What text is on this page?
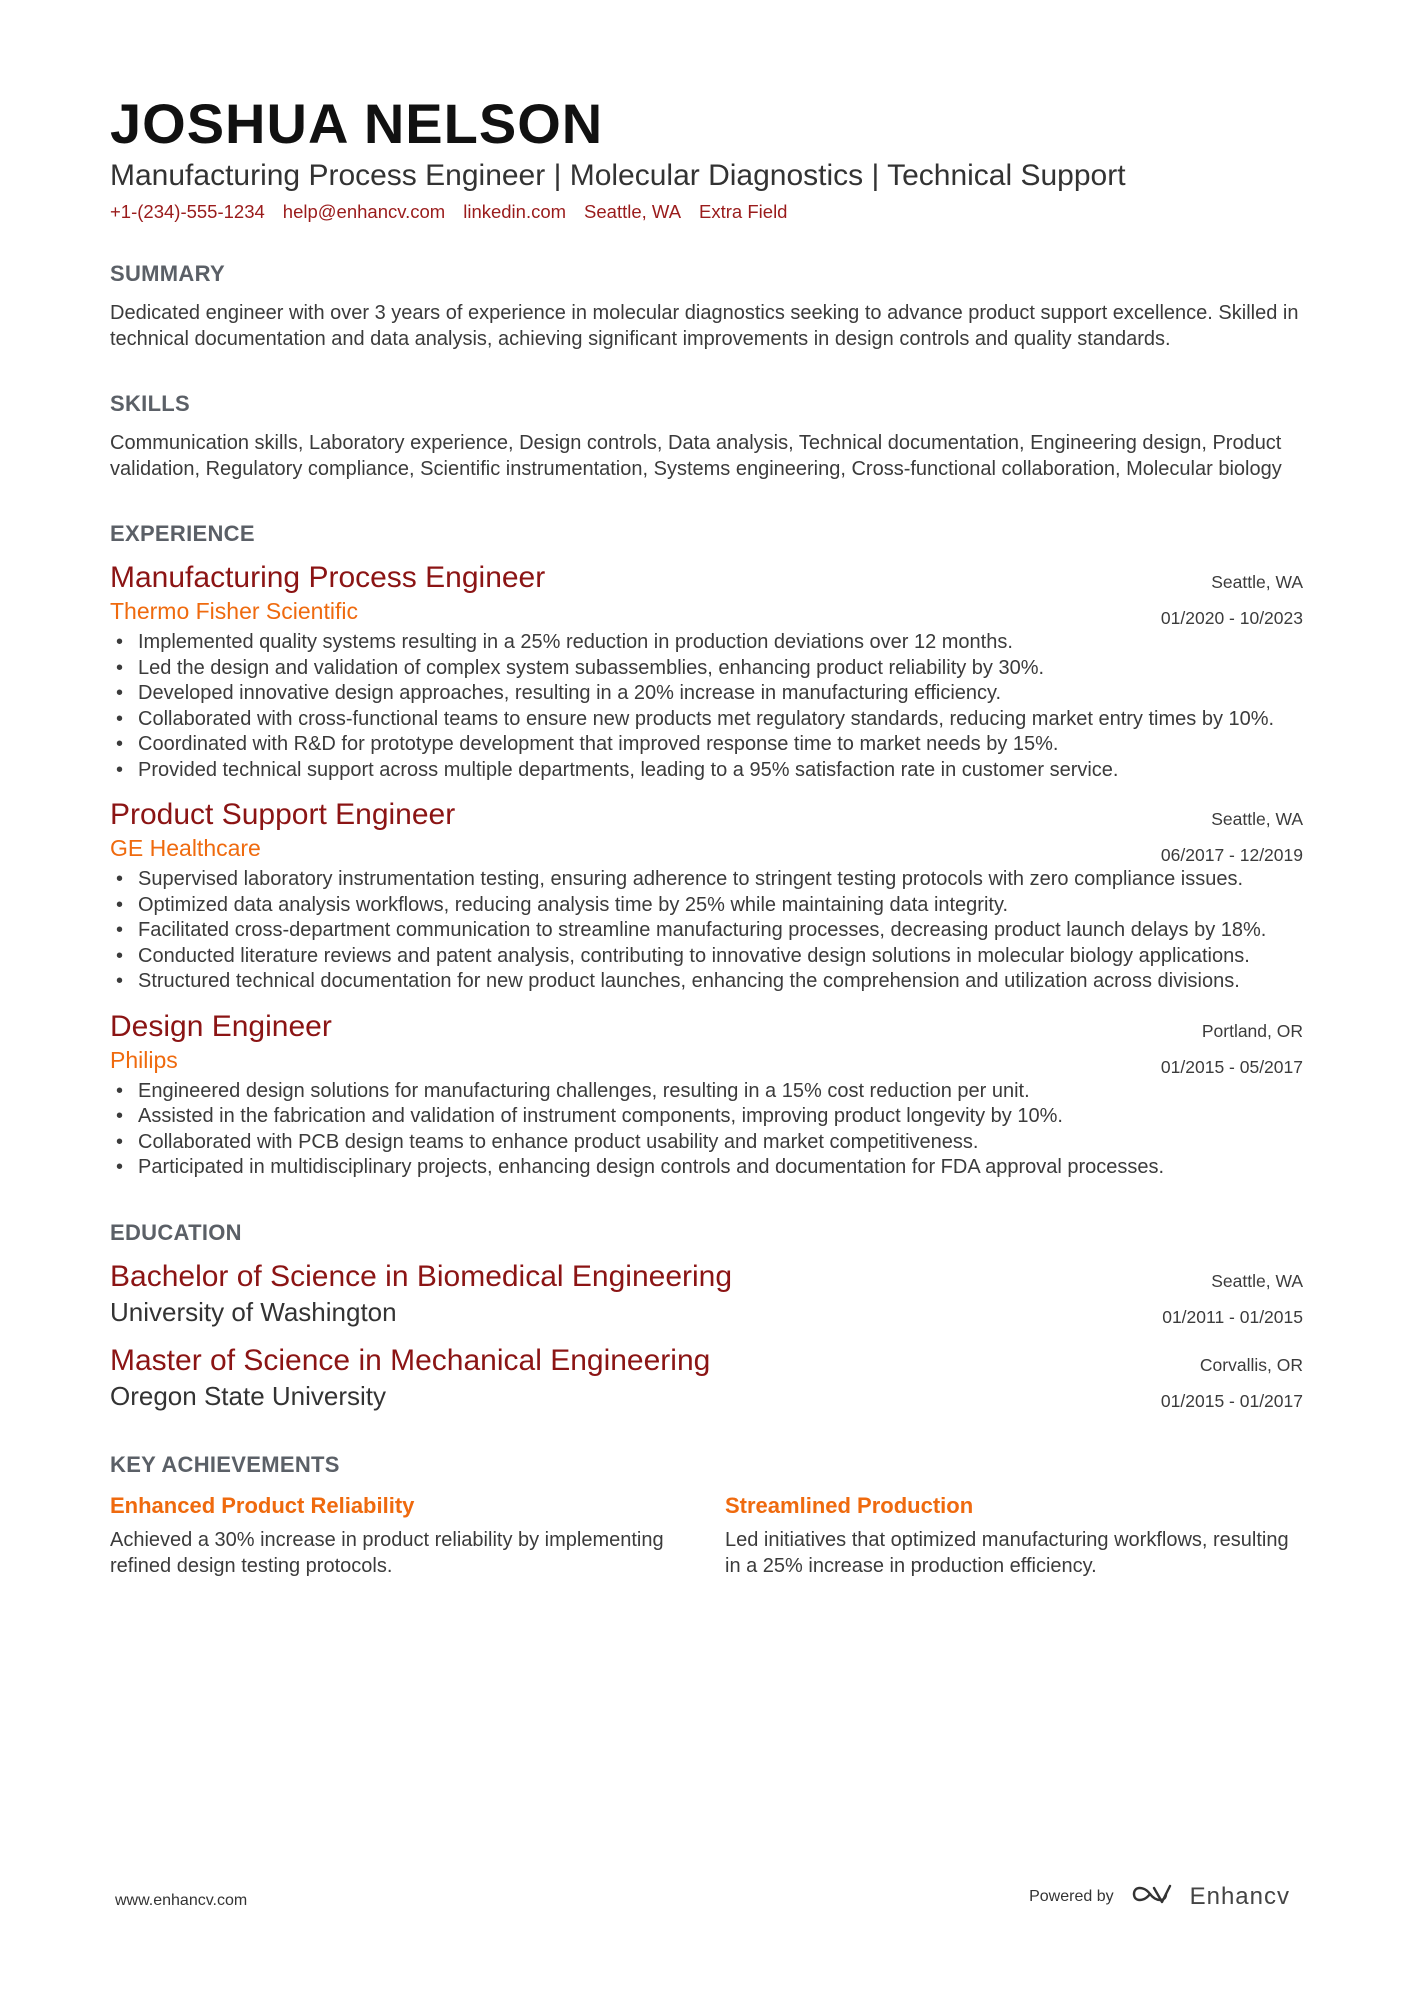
JOSHUA NELSON
Manufacturing Process Engineer | Molecular Diagnostics | Technical Support
+1-(234)-555-1234 help@enhancv.com linkedin.com Seattle, WA Extra Field
SUMMARY
Dedicated engineer with over 3 years of experience in molecular diagnostics seeking to advance product support excellence. Skilled in technical documentation and data analysis, achieving significant improvements in design controls and quality standards.
SKILLS
Communication skills, Laboratory experience, Design controls, Data analysis, Technical documentation, Engineering design, Product validation, Regulatory compliance, Scientific instrumentation, Systems engineering, Cross-functional collaboration, Molecular biology
EXPERIENCE
Manufacturing Process Engineer
Thermo Fisher Scientific
Seattle, WA
01/2020 - 10/2023
• Implemented quality systems resulting in a 25% reduction in production deviations over 12 months.
• Led the design and validation of complex system subassemblies, enhancing product reliability by 30%.
• Developed innovative design approaches, resulting in a 20% increase in manufacturing efficiency.
• Collaborated with cross-functional teams to ensure new products met regulatory standards, reducing market entry times by 10%.
• Coordinated with R&D for prototype development that improved response time to market needs by 15%.
• Provided technical support across multiple departments, leading to a 95% satisfaction rate in customer service.
Product Support Engineer
GE Healthcare
Seattle, WA
06/2017 - 12/2019
• Supervised laboratory instrumentation testing, ensuring adherence to stringent testing protocols with zero compliance issues.
• Optimized data analysis workflows, reducing analysis time by 25% while maintaining data integrity.
• Facilitated cross-department communication to streamline manufacturing processes, decreasing product launch delays by 18%.
• Conducted literature reviews and patent analysis, contributing to innovative design solutions in molecular biology applications.
• Structured technical documentation for new product launches, enhancing the comprehension and utilization across divisions.
Design Engineer
Philips
Portland, OR
01/2015 - 05/2017
• Engineered design solutions for manufacturing challenges, resulting in a 15% cost reduction per unit.
• Assisted in the fabrication and validation of instrument components, improving product longevity by 10%.
• Collaborated with PCB design teams to enhance product usability and market competitiveness.
• Participated in multidisciplinary projects, enhancing design controls and documentation for FDA approval processes.
EDUCATION
Bachelor of Science in Biomedical Engineering
University of Washington
Seattle, WA
01/2011 - 01/2015
Master of Science in Mechanical Engineering
Oregon State University
Corvallis, OR
01/2015 - 01/2017
KEY ACHIEVEMENTS
Enhanced Product Reliability
Achieved a 30% increase in product reliability by implementing refined design testing protocols.
Streamlined Production
Led initiatives that optimized manufacturing workflows, resulting in a 25% increase in production efficiency.
www.enhancv.com	Powered by	Enhancv
